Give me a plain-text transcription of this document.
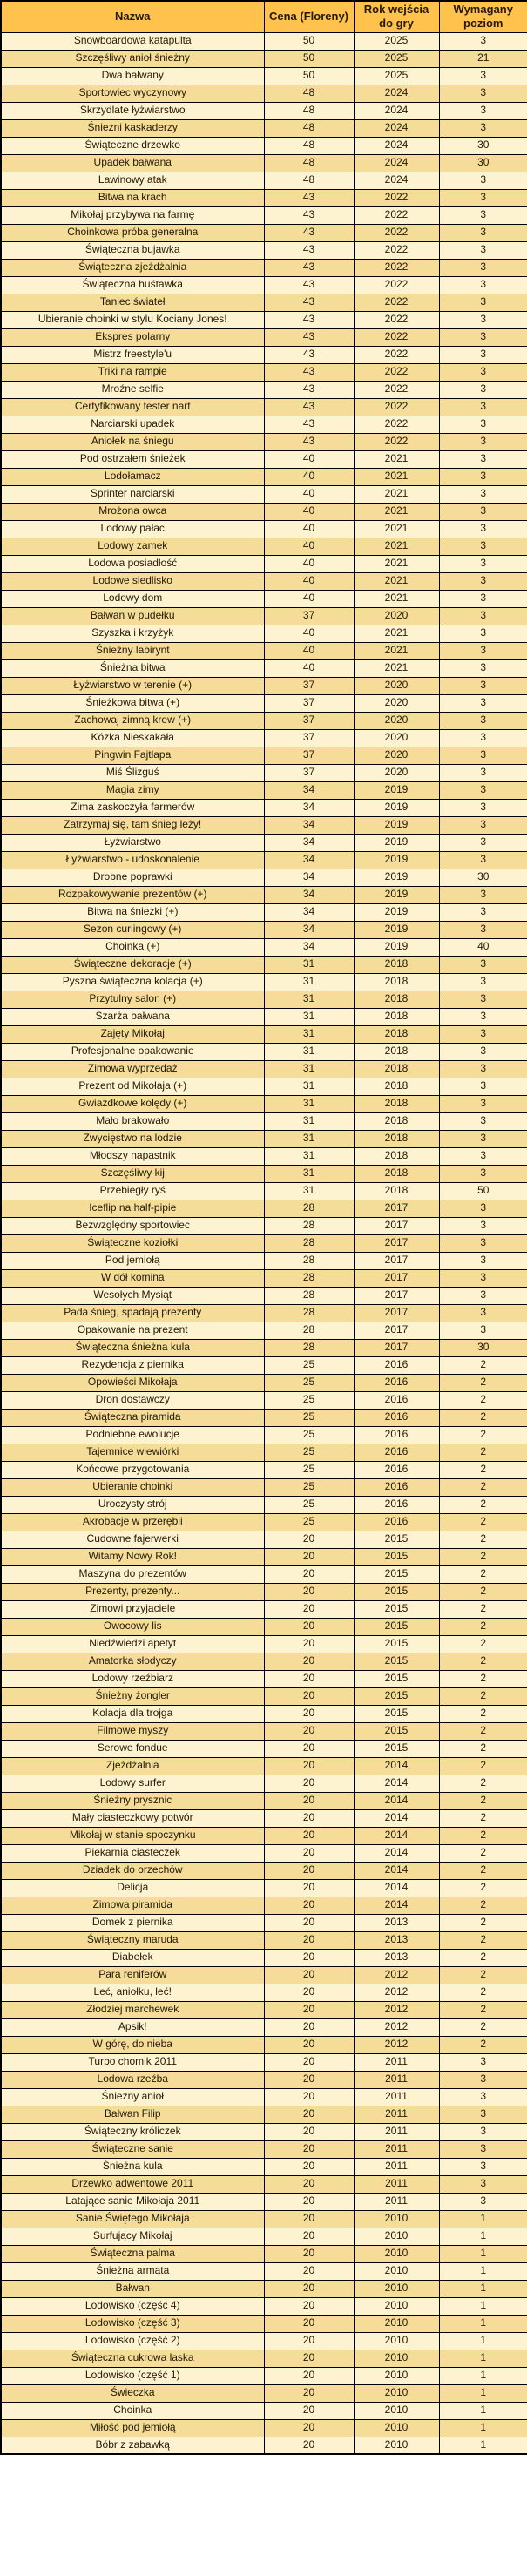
Nazwa	Cena (Floreny)	Rok wejścia do gry	Wymagany poziom
Snowboardowa katapulta	50	2025	3
Szczęśliwy anioł śnieżny	50	2025	21
Dwa bałwany	50	2025	3
Sportowiec wyczynowy	48	2024	3
Skrzydlate łyżwiarstwo	48	2024	3
Śnieżni kaskaderzy	48	2024	3
Świąteczne drzewko	48	2024	30
Upadek bałwana	48	2024	30
Lawinowy atak	48	2024	3
Bitwa na krach	43	2022	3
Mikołaj przybywa na farmę	43	2022	3
Choinkowa próba generalna	43	2022	3
Świąteczna bujawka	43	2022	3
Świąteczna zjeżdżalnia	43	2022	3
Świąteczna huśtawka	43	2022	3
Taniec świateł	43	2022	3
Ubieranie choinki w stylu Kociany Jones!	43	2022	3
Ekspres polarny	43	2022	3
Mistrz freestyle'u	43	2022	3
Triki na rampie	43	2022	3
Mroźne selfie	43	2022	3
Certyfikowany tester nart	43	2022	3
Narciarski upadek	43	2022	3
Aniołek na śniegu	43	2022	3
Pod ostrzałem śnieżek	40	2021	3
Lodołamacz	40	2021	3
Sprinter narciarski	40	2021	3
Mrożona owca	40	2021	3
Lodowy pałac	40	2021	3
Lodowy zamek	40	2021	3
Lodowa posiadłość	40	2021	3
Lodowe siedlisko	40	2021	3
Lodowy dom	40	2021	3
Bałwan w pudełku	37	2020	3
Szyszka i krzyżyk	40	2021	3
Śnieżny labirynt	40	2021	3
Śnieżna bitwa	40	2021	3
Łyżwiarstwo w terenie (+)	37	2020	3
Śnieżkowa bitwa (+)	37	2020	3
Zachowaj zimną krew (+)	37	2020	3
Kózka Nieskakała	37	2020	3
Pingwin Fajtłapa	37	2020	3
Miś Ślizguś	37	2020	3
Magia zimy	34	2019	3
Zima zaskoczyła farmerów	34	2019	3
Zatrzymaj się, tam śnieg leży!	34	2019	3
Łyżwiarstwo	34	2019	3
Łyżwiarstwo - udoskonalenie	34	2019	3
Drobne poprawki	34	2019	30
Rozpakowywanie prezentów (+)	34	2019	3
Bitwa na śnieżki (+)	34	2019	3
Sezon curlingowy (+)	34	2019	3
Choinka (+)	34	2019	40
Świąteczne dekoracje (+)	31	2018	3
Pyszna świąteczna kolacja (+)	31	2018	3
Przytulny salon (+)	31	2018	3
Szarża bałwana	31	2018	3
Zajęty Mikołaj	31	2018	3
Profesjonalne opakowanie	31	2018	3
Zimowa wyprzedaż	31	2018	3
Prezent od Mikołaja (+)	31	2018	3
Gwiazdkowe kolędy (+)	31	2018	3
Mało brakowało	31	2018	3
Zwycięstwo na lodzie	31	2018	3
Młodszy napastnik	31	2018	3
Szczęśliwy kij	31	2018	3
Przebiegły ryś	31	2018	50
Iceflip na half-pipie	28	2017	3
Bezwzględny sportowiec	28	2017	3
Świąteczne koziołki	28	2017	3
Pod jemiołą	28	2017	3
W dół komina	28	2017	3
Wesołych Mysiąt	28	2017	3
Pada śnieg, spadają prezenty	28	2017	3
Opakowanie na prezent	28	2017	3
Świąteczna śnieżna kula	28	2017	30
Rezydencja z piernika	25	2016	2
Opowieści Mikołaja	25	2016	2
Dron dostawczy	25	2016	2
Świąteczna piramida	25	2016	2
Podniebne ewolucje	25	2016	2
Tajemnice wiewiórki	25	2016	2
Końcowe przygotowania	25	2016	2
Ubieranie choinki	25	2016	2
Uroczysty strój	25	2016	2
Akrobacje w przerębli	25	2016	2
Cudowne fajerwerki	20	2015	2
Witamy Nowy Rok!	20	2015	2
Maszyna do prezentów	20	2015	2
Prezenty, prezenty...	20	2015	2
Zimowi przyjaciele	20	2015	2
Owocowy lis	20	2015	2
Niedźwiedzi apetyt	20	2015	2
Amatorka słodyczy	20	2015	2
Lodowy rzeźbiarz	20	2015	2
Śnieżny żongler	20	2015	2
Kolacja dla trojga	20	2015	2
Filmowe myszy	20	2015	2
Serowe fondue	20	2015	2
Zjeżdżalnia	20	2014	2
Lodowy surfer	20	2014	2
Śnieżny prysznic	20	2014	2
Mały ciasteczkowy potwór	20	2014	2
Mikołaj w stanie spoczynku	20	2014	2
Piekarnia ciasteczek	20	2014	2
Dziadek do orzechów	20	2014	2
Delicja	20	2014	2
Zimowa piramida	20	2014	2
Domek z piernika	20	2013	2
Świąteczny maruda	20	2013	2
Diabełek	20	2013	2
Para reniferów	20	2012	2
Leć, aniołku, leć!	20	2012	2
Złodziej marchewek	20	2012	2
Apsik!	20	2012	2
W górę, do nieba	20	2012	2
Turbo chomik 2011	20	2011	3
Lodowa rzeźba	20	2011	3
Śnieżny anioł	20	2011	3
Bałwan Filip	20	2011	3
Świąteczny króliczek	20	2011	3
Świąteczne sanie	20	2011	3
Śnieżna kula	20	2011	3
Drzewko adwentowe 2011	20	2011	3
Latające sanie Mikołaja 2011	20	2011	3
Sanie Świętego Mikołaja	20	2010	1
Surfujący Mikołaj	20	2010	1
Świąteczna palma	20	2010	1
Śnieżna armata	20	2010	1
Bałwan	20	2010	1
Lodowisko (część 4)	20	2010	1
Lodowisko (część 3)	20	2010	1
Lodowisko (część 2)	20	2010	1
Świąteczna cukrowa laska	20	2010	1
Lodowisko (część 1)	20	2010	1
Świeczka	20	2010	1
Choinka	20	2010	1
Miłość pod jemiołą	20	2010	1
Bóbr z zabawką	20	2010	1
